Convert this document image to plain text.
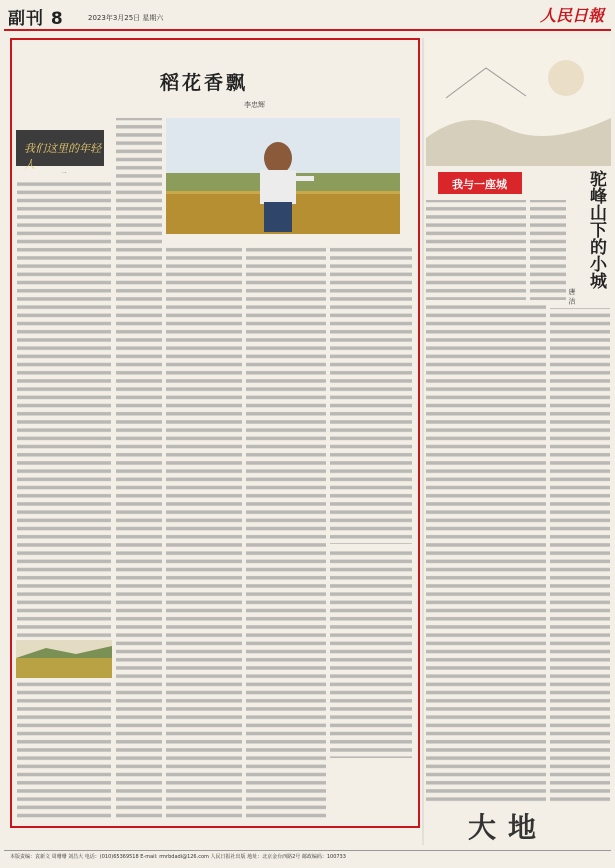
副刊 8	2023年3月25日 星期六	人民日報
我们这里的年轻人
稻花香飘
李忠辉

一

我与一座城	驼峰山下的小城
唐 洁
大地
本版责编：袁新文 周珊珊 刘昌大 电话：(010)65369518 E-mail: rmrbdadi@126.com 人民日报社出版 地址：北京金台西路2号 邮政编码：100733
